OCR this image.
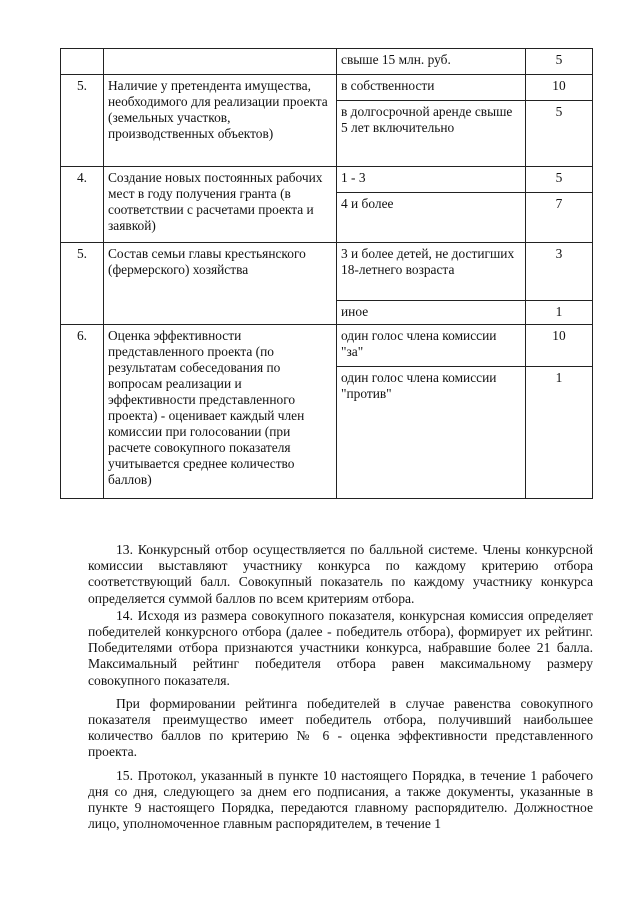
		свыше 15 млн. руб.	5
5.	Наличие у претендента имущества, необходимого для реализации проекта (земельных участков, производственных объектов)	в собственности	10
		в долгосрочной аренде свыше 5 лет включительно	5
4.	Создание новых постоянных рабочих мест в году получения гранта (в соответствии с расчетами проекта и заявкой)	1 - 3	5
		4 и более	7
5.	Состав семьи главы крестьянского (фермерского) хозяйства	3 и более детей, не достигших 18-летнего возраста	3
		иное	1
6.	Оценка эффективности представленного проекта (по результатам собеседования по вопросам реализации и эффективности представленного проекта) - оценивает каждый член комиссии при голосовании (при расчете совокупного показателя учитывается среднее количество баллов)	один голос члена комиссии "за"	10
		один голос члена комиссии "против"	1

13. Конкурсный отбор осуществляется по балльной системе. Члены конкурсной комиссии выставляют участнику конкурса по каждому критерию отбора соответствующий балл. Совокупный показатель по каждому участнику конкурса определяется суммой баллов по всем критериям отбора.

14. Исходя из размера совокупного показателя, конкурсная комиссия определяет победителей конкурсного отбора (далее - победитель отбора), формирует их рейтинг. Победителями отбора признаются участники конкурса, набравшие более 21 балла. Максимальный рейтинг победителя отбора равен максимальному размеру совокупного показателя.

При формировании рейтинга победителей в случае равенства совокупного показателя преимущество имеет победитель отбора, получивший наибольшее количество баллов по критерию № 6 - оценка эффективности представленного проекта.

15. Протокол, указанный в пункте 10 настоящего Порядка, в течение 1 рабочего дня со дня, следующего за днем его подписания, а также документы, указанные в пункте 9 настоящего Порядка, передаются главному распорядителю. Должностное лицо, уполномоченное главным распорядителем, в течение 1
